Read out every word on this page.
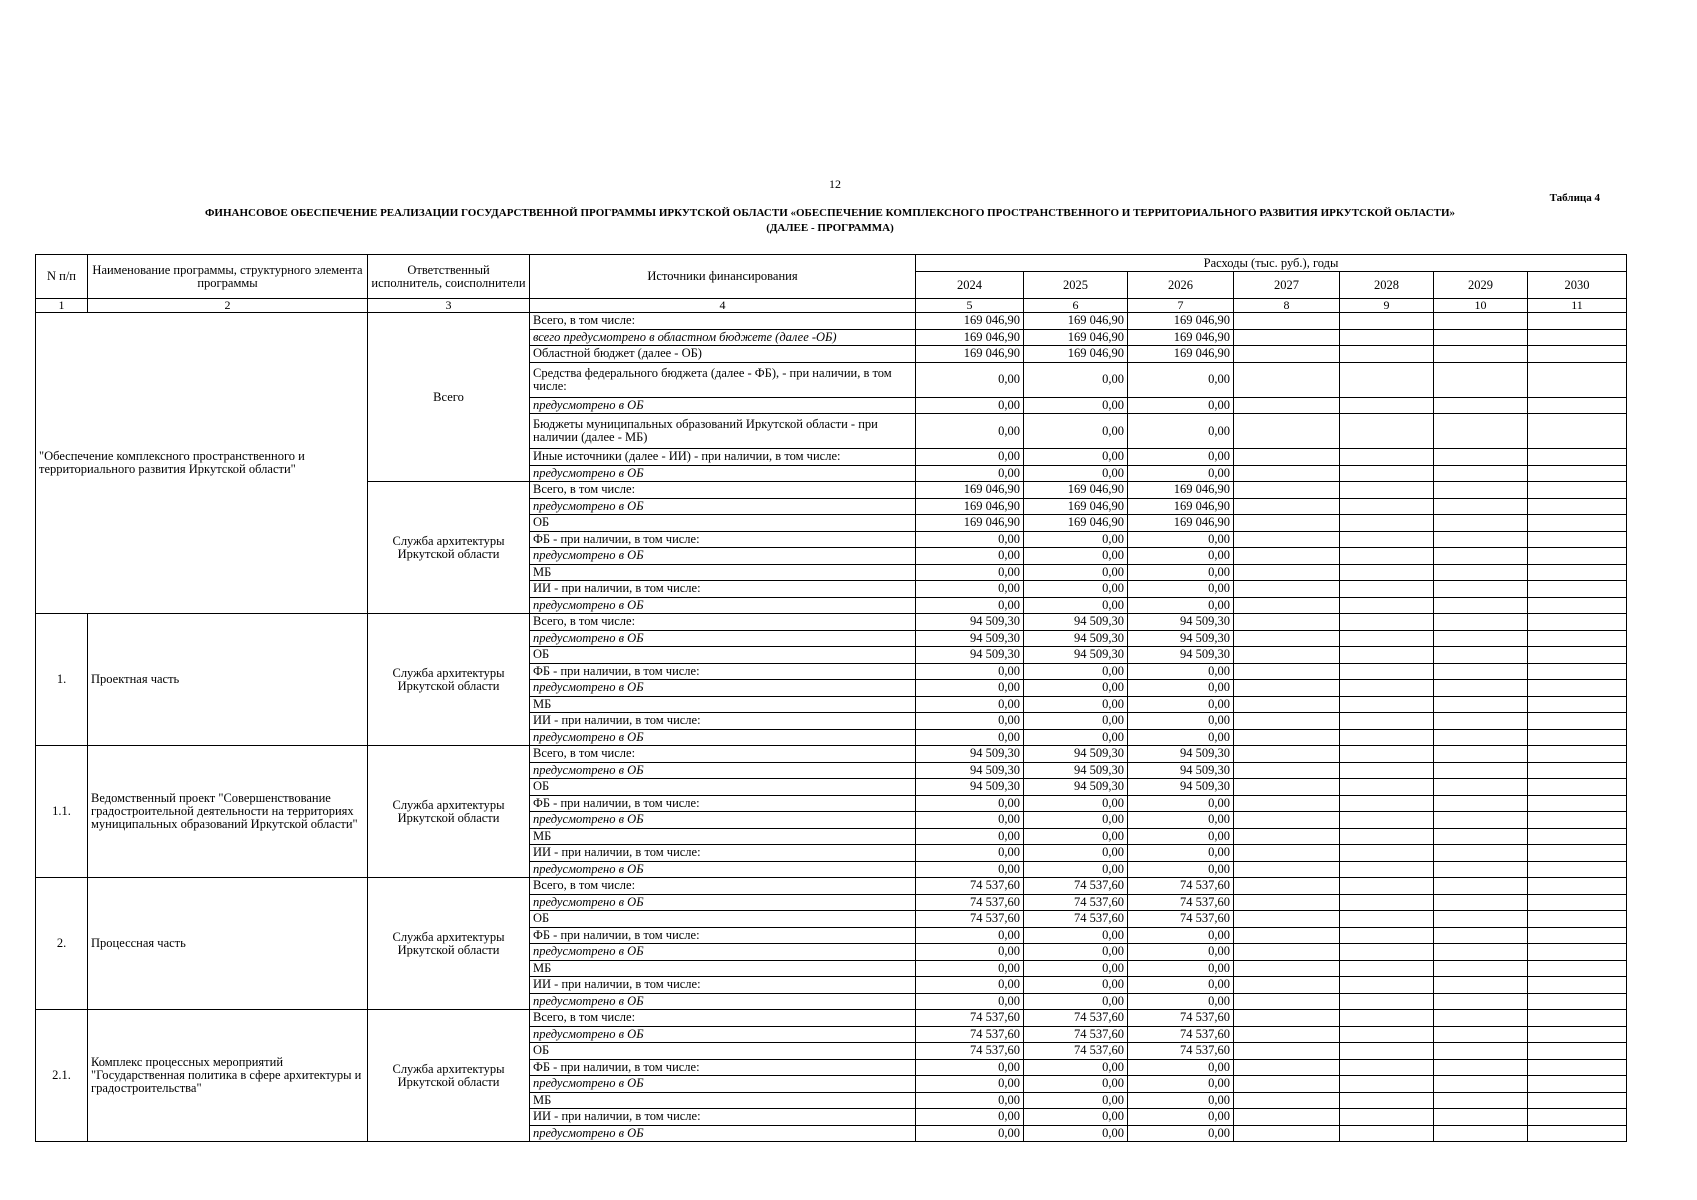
12
Таблица 4
ФИНАНСОВОЕ ОБЕСПЕЧЕНИЕ РЕАЛИЗАЦИИ ГОСУДАРСТВЕННОЙ ПРОГРАММЫ ИРКУТСКОЙ ОБЛАСТИ «ОБЕСПЕЧЕНИЕ КОМПЛЕКСНОГО ПРОСТРАНСТВЕННОГО И ТЕРРИТОРИАЛЬНОГО РАЗВИТИЯ ИРКУТСКОЙ ОБЛАСТИ»
(ДАЛЕЕ - ПРОГРАММА)
N п/п	Наименование программы, структурного элемента программы	Ответственный исполнитель, соисполнители	Источники финансирования	Расходы (тыс. руб.), годы						
				2024	2025	2026	2027	2028	2029	2030
1	2	3	4	5	6	7	8	9	10	11
"Обеспечение комплексного пространственного и территориального развития Иркутской области"		Всего	Всего, в том числе:	169 046,90	169 046,90	169 046,90				
			всего предусмотрено в областном бюджете (далее -ОБ)	169 046,90	169 046,90	169 046,90				
			Областной бюджет (далее - ОБ)	169 046,90	169 046,90	169 046,90				
			Средства федерального бюджета (далее - ФБ), - при наличии, в том числе:	0,00	0,00	0,00				
			предусмотрено в ОБ	0,00	0,00	0,00				
			Бюджеты муниципальных образований Иркутской области - при наличии (далее - МБ)	0,00	0,00	0,00				
			Иные источники (далее - ИИ) - при наличии, в том числе:	0,00	0,00	0,00				
			предусмотрено в ОБ	0,00	0,00	0,00				
		Служба архитектуры Иркутской области	Всего, в том числе:	169 046,90	169 046,90	169 046,90				
			предусмотрено в ОБ	169 046,90	169 046,90	169 046,90				
			ОБ	169 046,90	169 046,90	169 046,90				
			ФБ - при наличии, в том числе:	0,00	0,00	0,00				
			предусмотрено в ОБ	0,00	0,00	0,00				
			МБ	0,00	0,00	0,00				
			ИИ - при наличии, в том числе:	0,00	0,00	0,00				
			предусмотрено в ОБ	0,00	0,00	0,00				
1.	Проектная часть	Служба архитектуры Иркутской области	Всего, в том числе:	94 509,30	94 509,30	94 509,30				
			предусмотрено в ОБ	94 509,30	94 509,30	94 509,30				
			ОБ	94 509,30	94 509,30	94 509,30				
			ФБ - при наличии, в том числе:	0,00	0,00	0,00				
			предусмотрено в ОБ	0,00	0,00	0,00				
			МБ	0,00	0,00	0,00				
			ИИ - при наличии, в том числе:	0,00	0,00	0,00				
			предусмотрено в ОБ	0,00	0,00	0,00				
1.1.	Ведомственный проект "Совершенствование градостроительной деятельности на территориях муниципальных образований Иркутской области"	Служба архитектуры Иркутской области	Всего, в том числе:	94 509,30	94 509,30	94 509,30				
			предусмотрено в ОБ	94 509,30	94 509,30	94 509,30				
			ОБ	94 509,30	94 509,30	94 509,30				
			ФБ - при наличии, в том числе:	0,00	0,00	0,00				
			предусмотрено в ОБ	0,00	0,00	0,00				
			МБ	0,00	0,00	0,00				
			ИИ - при наличии, в том числе:	0,00	0,00	0,00				
			предусмотрено в ОБ	0,00	0,00	0,00				
2.	Процессная часть	Служба архитектуры Иркутской области	Всего, в том числе:	74 537,60	74 537,60	74 537,60				
			предусмотрено в ОБ	74 537,60	74 537,60	74 537,60				
			ОБ	74 537,60	74 537,60	74 537,60				
			ФБ - при наличии, в том числе:	0,00	0,00	0,00				
			предусмотрено в ОБ	0,00	0,00	0,00				
			МБ	0,00	0,00	0,00				
			ИИ - при наличии, в том числе:	0,00	0,00	0,00				
			предусмотрено в ОБ	0,00	0,00	0,00				
2.1.	Комплекс процессных мероприятий "Государственная политика в сфере архитектуры и градостроительства"	Служба архитектуры Иркутской области	Всего, в том числе:	74 537,60	74 537,60	74 537,60				
			предусмотрено в ОБ	74 537,60	74 537,60	74 537,60				
			ОБ	74 537,60	74 537,60	74 537,60				
			ФБ - при наличии, в том числе:	0,00	0,00	0,00				
			предусмотрено в ОБ	0,00	0,00	0,00				
			МБ	0,00	0,00	0,00				
			ИИ - при наличии, в том числе:	0,00	0,00	0,00				
			предусмотрено в ОБ	0,00	0,00	0,00				
